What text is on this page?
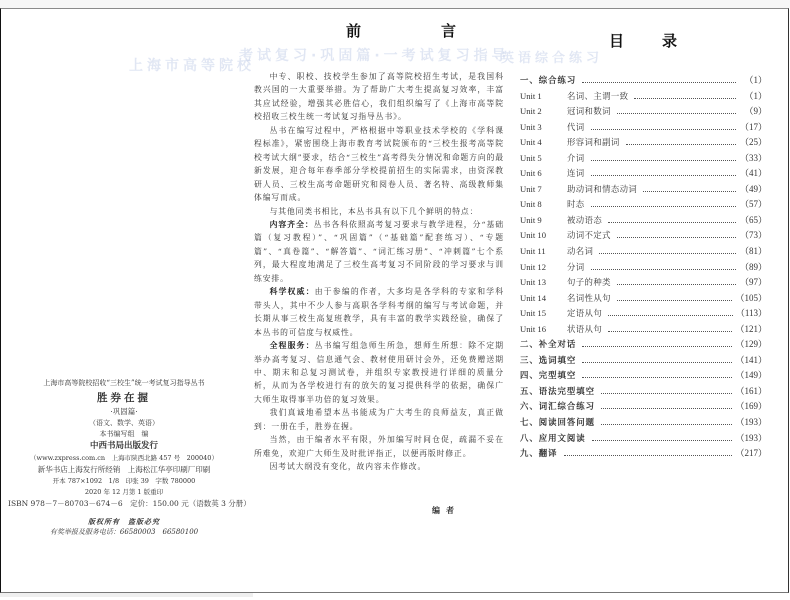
上海市高等院校
考试复习·巩固篇·一考试复习指导
英语综合练习
上海市高等院校招收“三校生”统一考试复习指导丛书
胜券在握
·巩固篇·
（语文、数学、英语）
本书编写组　编
中西书局出版发行
（www.zxpress.com.cn　上海市陕西北路 457 号　200040）
新华书店上海发行所经销　上海松江华亭印刷厂印刷
开本 787×1092　1/8　印张 39　字数 780000
2020 年 12 月第 1 版重印
ISBN 978－7－80703－674－6　定价：150.00 元（语数英 3 分册）
版权所有　盗版必究
有奖举报及服务电话：66580003　66580100
前	言

中专、职校、技校学生参加了高等院校招生考试，是我国科教兴国的一大重要举措。为了帮助广大考生提高复习效率，丰富其应试经验，增强其必胜信心，我们组织编写了《上海市高等院校招收三校生统一考试复习指导丛书》。

丛书在编写过程中，严格根据中等职业技术学校的《学科课程标准》，紧密围绕上海市教育考试院颁布的“三校生报考高等院校考试大纲”要求，结合“三校生”高考得失分情况和命题方向的最新发展，迎合每年春季部分学校提前招生的实际需求，由资深教研人员、三校生高考命题研究和阅卷人员、著名特、高级教师集体编写而成。

与其他同类书相比，本丛书具有以下几个鲜明的特点：

内容齐全：丛书各科依照高考复习要求与教学进程，分“基础篇（复习教程）”、“巩固篇”（“基础篇”配套练习）、“专题篇”、“真卷篇”、“解答篇”、“词汇练习册”、“冲刺篇”七个系列，最大程度地满足了三校生高考复习不同阶段的学习要求与训练安排。

科学权威：由于参编的作者，大多均是各学科的专家和学科带头人，其中不少人参与高职各学科考纲的编写与考试命题，并长期从事三校生高复班教学，具有丰富的教学实践经验，确保了本丛书的可信度与权威性。

全程服务：丛书编写组急师生所急，想师生所想：除不定期举办高考复习、信息通气会、教材使用研讨会外，还免费赠送期中、期末和总复习测试卷，并组织专家教授进行详细的质量分析，从而为各学校进行有的放矢的复习提供科学的依据，确保广大师生取得事半功倍的复习效果。

我们真诚地希望本丛书能成为广大考生的良师益友，真正做到：一册在手，胜券在握。

当然，由于编者水平有限，外加编写时间仓促，疏漏不妥在所难免，欢迎广大师生及时批评指正，以便再版时修正。

因考试大纲没有变化，故内容未作修改。

编者
目	录
一、综合练习	（1）
Unit 1	名词、主谓一致	（1）
Unit 2	冠词和数词	（9）
Unit 3	代词	（17）
Unit 4	形容词和副词	（25）
Unit 5	介词	（33）
Unit 6	连词	（41）
Unit 7	助动词和情态动词	（49）
Unit 8	时态	（57）
Unit 9	被动语态	（65）
Unit 10	动词不定式	（73）
Unit 11	动名词	（81）
Unit 12	分词	（89）
Unit 13	句子的种类	（97）
Unit 14	名词性从句	（105）
Unit 15	定语从句	（113）
Unit 16	状语从句	（121）
二、补全对话	（129）
三、选词填空	（141）
四、完型填空	（149）
五、语法完型填空	（161）
六、词汇综合练习	（169）
七、阅读回答问题	（193）
八、应用文阅读	（193）
九、翻译	（217）
